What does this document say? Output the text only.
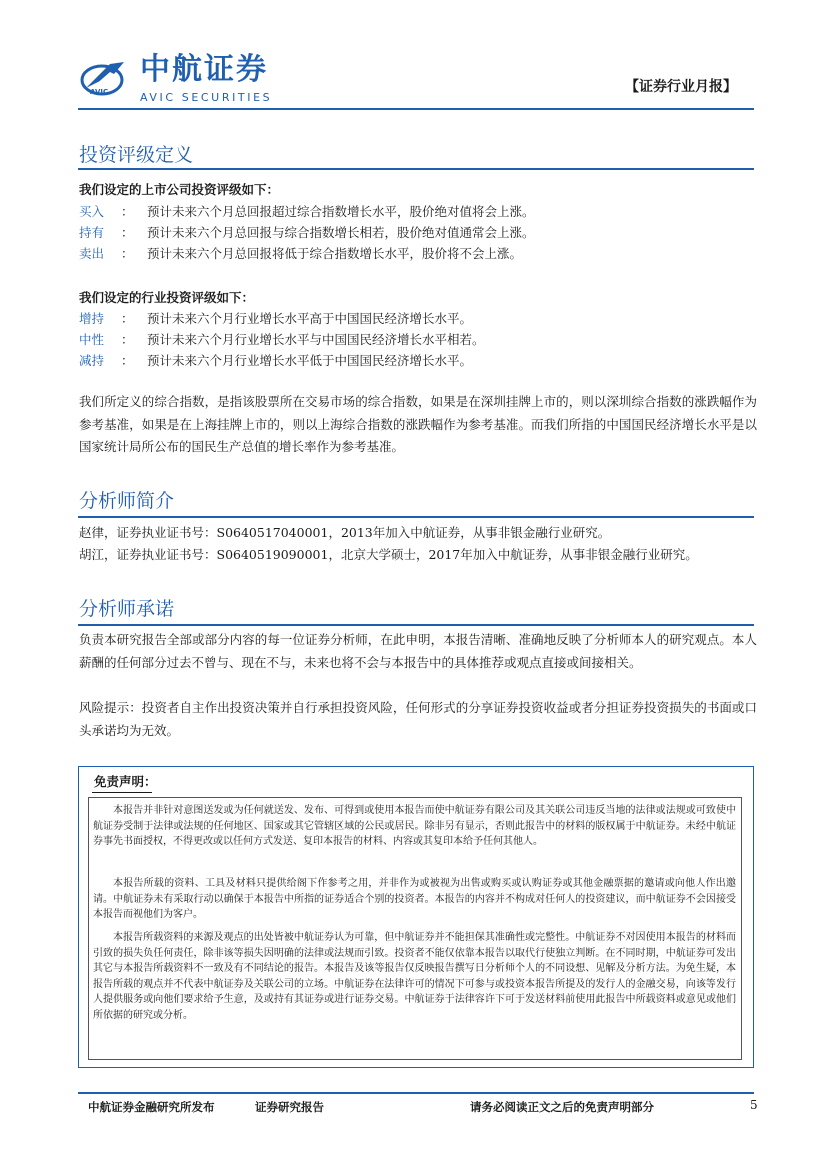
AVIC
中航证券
AVIC SECURITIES
【证券行业月报】
投资评级定义
我们设定的上市公司投资评级如下：
买入 ： 预计未来六个月总回报超过综合指数增长水平，股价绝对值将会上涨。
持有 ： 预计未来六个月总回报与综合指数增长相若，股价绝对值通常会上涨。
卖出 ： 预计未来六个月总回报将低于综合指数增长水平，股价将不会上涨。
我们设定的行业投资评级如下：
增持 ： 预计未来六个月行业增长水平高于中国国民经济增长水平。
中性 ： 预计未来六个月行业增长水平与中国国民经济增长水平相若。
减持 ： 预计未来六个月行业增长水平低于中国国民经济增长水平。
我们所定义的综合指数，是指该股票所在交易市场的综合指数，如果是在深圳挂牌上市的，则以深圳综合指数的涨跌幅作为参考基准，如果是在上海挂牌上市的，则以上海综合指数的涨跌幅作为参考基准。而我们所指的中国国民经济增长水平是以国家统计局所公布的国民生产总值的增长率作为参考基准。
分析师简介
赵律，证券执业证书号：S0640517040001，2013年加入中航证券，从事非银金融行业研究。
胡江，证券执业证书号：S0640519090001，北京大学硕士，2017年加入中航证券，从事非银金融行业研究。
分析师承诺
负责本研究报告全部或部分内容的每一位证券分析师，在此申明，本报告清晰、准确地反映了分析师本人的研究观点。本人薪酬的任何部分过去不曾与、现在不与，未来也将不会与本报告中的具体推荐或观点直接或间接相关。
风险提示：投资者自主作出投资决策并自行承担投资风险，任何形式的分享证券投资收益或者分担证券投资损失的书面或口头承诺均为无效。
免责声明：

本报告并非针对意图送发或为任何就送发、发布、可得到或使用本报告而使中航证券有限公司及其关联公司违反当地的法律或法规或可致使中航证券受制于法律或法规的任何地区、国家或其它管辖区域的公民或居民。除非另有显示，否则此报告中的材料的版权属于中航证券。未经中航证券事先书面授权，不得更改或以任何方式发送、复印本报告的材料、内容或其复印本给予任何其他人。

本报告所载的资料、工具及材料只提供给阁下作参考之用，并非作为或被视为出售或购买或认购证券或其他金融票据的邀请或向他人作出邀请。中航证券未有采取行动以确保于本报告中所指的证券适合个别的投资者。本报告的内容并不构成对任何人的投资建议，而中航证券不会因接受本报告而视他们为客户。

本报告所载资料的来源及观点的出处皆被中航证券认为可靠，但中航证券并不能担保其准确性或完整性。中航证券不对因使用本报告的材料而引致的损失负任何责任，除非该等损失因明确的法律或法规而引致。投资者不能仅依靠本报告以取代行使独立判断。在不同时期，中航证券可发出其它与本报告所载资料不一致及有不同结论的报告。本报告及该等报告仅反映报告撰写日分析师个人的不同设想、见解及分析方法。为免生疑，本报告所载的观点并不代表中航证券及关联公司的立场。中航证券在法律许可的情况下可参与或投资本报告所提及的发行人的金融交易，向该等发行人提供服务或向他们要求给予生意，及或持有其证券或进行证券交易。中航证券于法律容许下可于发送材料前使用此报告中所载资料或意见或他们所依据的研究或分析。

中航证券金融研究所发布	证券研究报告	请务必阅读正文之后的免责声明部分	5
